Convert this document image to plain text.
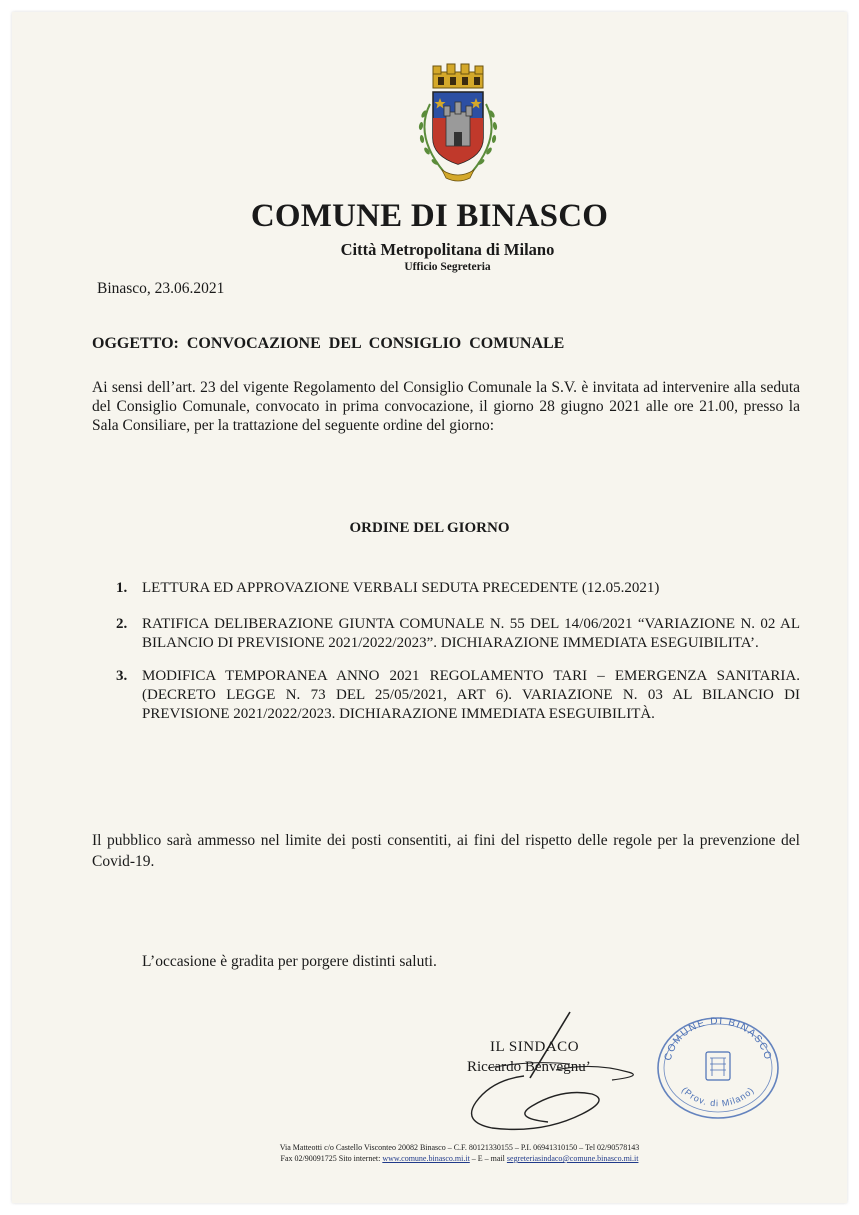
COMUNE DI BINASCO
Città Metropolitana di Milano
Ufficio Segreteria
Binasco, 23.06.2021
OGGETTO: CONVOCAZIONE DEL CONSIGLIO COMUNALE
Ai sensi dell’art. 23 del vigente Regolamento del Consiglio Comunale la S.V. è invitata ad intervenire alla seduta del Consiglio Comunale, convocato in prima convocazione, il giorno 28 giugno 2021 alle ore 21.00, presso la Sala Consiliare, per la trattazione del seguente ordine del giorno:
ORDINE DEL GIORNO
1. LETTURA ED APPROVAZIONE VERBALI SEDUTA PRECEDENTE (12.05.2021)
2. RATIFICA DELIBERAZIONE GIUNTA COMUNALE N. 55 DEL 14/06/2021 “VARIAZIONE N. 02 AL BILANCIO DI PREVISIONE 2021/2022/2023”. DICHIARAZIONE IMMEDIATA ESEGUIBILITA’.
3. MODIFICA TEMPORANEA ANNO 2021 REGOLAMENTO TARI – EMERGENZA SANITARIA. (DECRETO LEGGE N. 73 DEL 25/05/2021, ART 6). VARIAZIONE N. 03 AL BILANCIO DI PREVISIONE 2021/2022/2023. DICHIARAZIONE IMMEDIATA ESEGUIBILITÀ.
Il pubblico sarà ammesso nel limite dei posti consentiti, ai fini del rispetto delle regole per la prevenzione del Covid-19.
L’occasione è gradita per porgere distinti saluti.
IL SINDACO
Riccardo Benvegnu’
COMUNE DI BINASCO
(Prov. di Milano)
Via Matteotti c/o Castello Visconteo 20082 Binasco – C.F. 80121330155 – P.I. 06941310150 – Tel 02/90578143
Fax 02/90091725 Sito internet: www.comune.binasco.mi.it – E – mail segreteriasindaco@comune.binasco.mi.it
